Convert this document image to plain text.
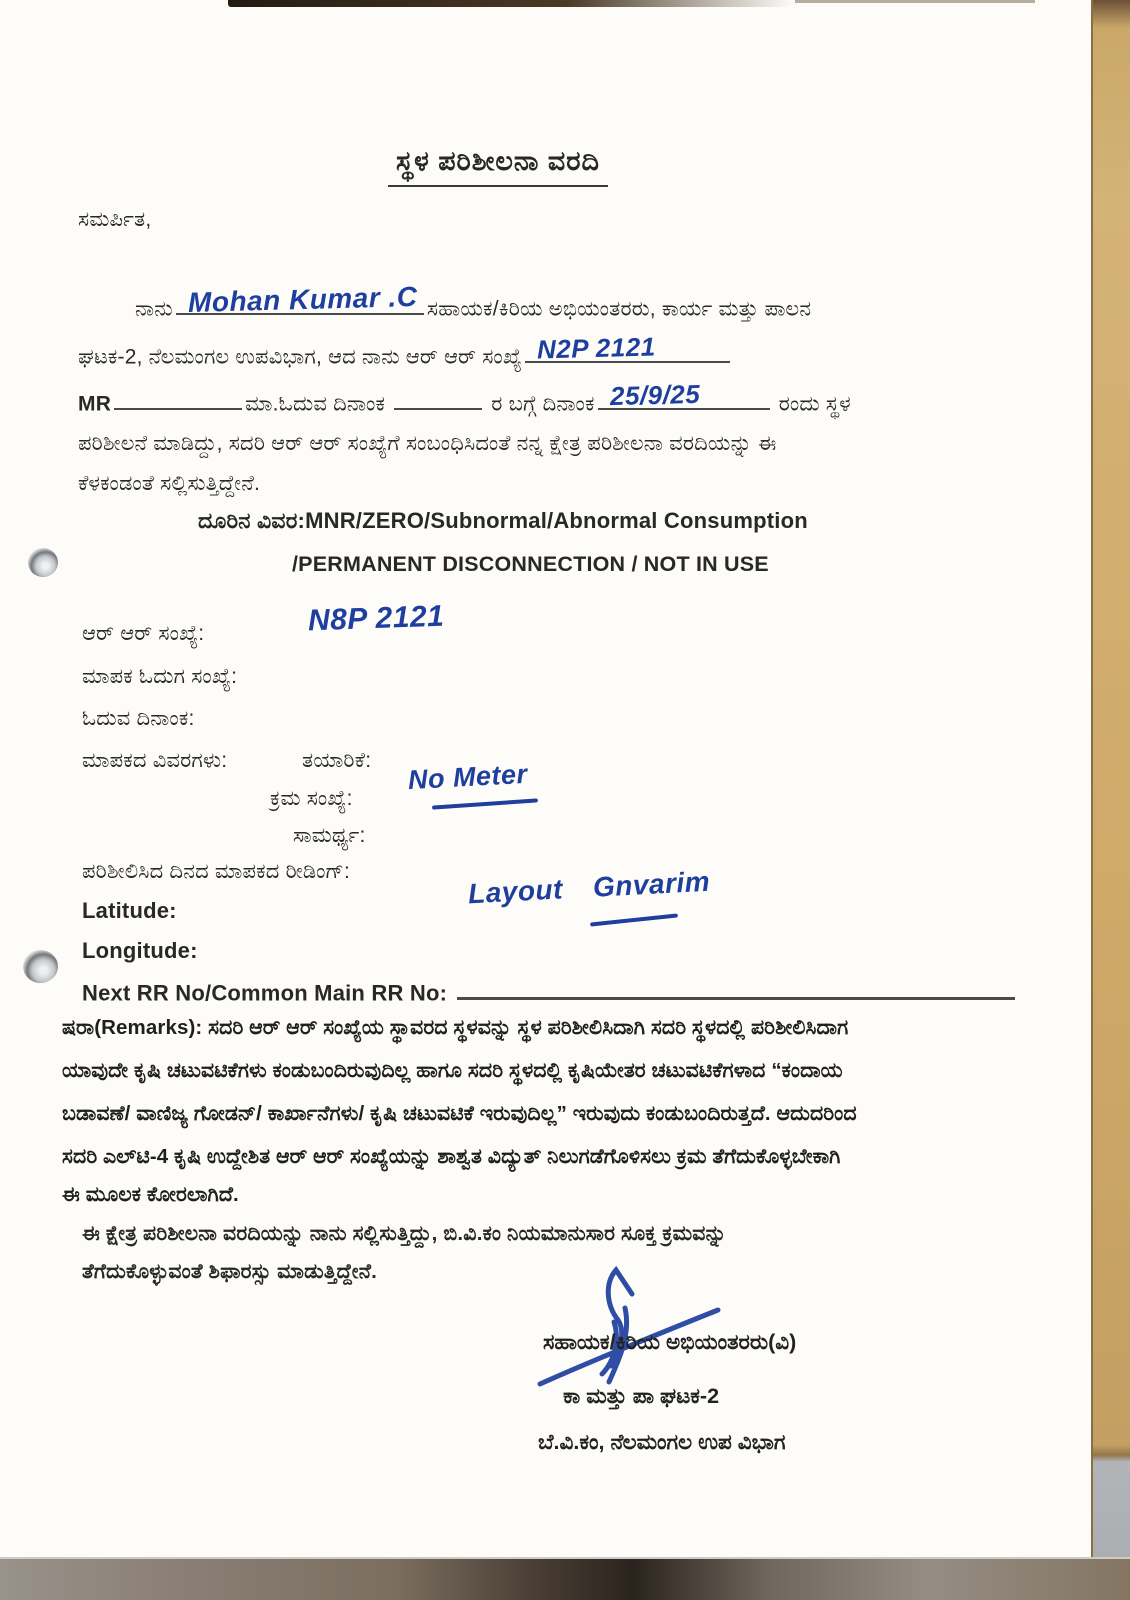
ಸ್ಥಳ ಪರಿಶೀಲನಾ ವರದಿ
ಸಮರ್ಪಿತ,
ನಾನು Mohan Kumar .C ಸಹಾಯಕ/ಕಿರಿಯ ಅಭಿಯಂತರರು, ಕಾರ್ಯ ಮತ್ತು ಪಾಲನ
ಘಟಕ-2, ನೆಲಮಂಗಲ ಉಪವಿಭಾಗ, ಆದ ನಾನು ಆರ್ ಆರ್ ಸಂಖ್ಯೆ N2P 2121
MR	ಮಾ.ಓದುವ ದಿನಾಂಕ	ರ ಬಗ್ಗೆ ದಿನಾಂಕ 25/9/25	ರಂದು ಸ್ಥಳ
ಪರಿಶೀಲನೆ ಮಾಡಿದ್ದು, ಸದರಿ ಆರ್ ಆರ್ ಸಂಖ್ಯೆಗೆ ಸಂಬಂಧಿಸಿದಂತೆ ನನ್ನ ಕ್ಷೇತ್ರ ಪರಿಶೀಲನಾ ವರದಿಯನ್ನು ಈ
ಕೆಳಕಂಡಂತೆ ಸಲ್ಲಿಸುತ್ತಿದ್ದೇನೆ.
ದೂರಿನ ವಿವರ:MNR/ZERO/Subnormal/Abnormal Consumption
/PERMANENT DISCONNECTION / NOT IN USE
ಆರ್ ಆರ್ ಸಂಖ್ಯೆ:	N8P 2121
ಮಾಪಕ ಓದುಗ ಸಂಖ್ಯೆ:
ಓದುವ ದಿನಾಂಕ:
ಮಾಪಕದ ವಿವರಗಳು:	ತಯಾರಿಕೆ:
ಕ್ರಮ ಸಂಖ್ಯೆ:
No Meter
ಸಾಮರ್ಥ್ಯ:
ಪರಿಶೀಲಿಸಿದ ದಿನದ ಮಾಪಕದ ರೀಡಿಂಗ್:
Latitude:
Layout Gnvarim
Longitude:
Next RR No/Common Main RR No:
ಷರಾ(Remarks): ಸದರಿ ಆರ್ ಆರ್ ಸಂಖ್ಯೆಯ ಸ್ಥಾವರದ ಸ್ಥಳವನ್ನು ಸ್ಥಳ ಪರಿಶೀಲಿಸಿದಾಗಿ ಸದರಿ ಸ್ಥಳದಲ್ಲಿ ಪರಿಶೀಲಿಸಿದಾಗ
ಯಾವುದೇ ಕೃಷಿ ಚಟುವಟಿಕೆಗಳು ಕಂಡುಬಂದಿರುವುದಿಲ್ಲ ಹಾಗೂ ಸದರಿ ಸ್ಥಳದಲ್ಲಿ ಕೃಷಿಯೇತರ ಚಟುವಟಿಕೆಗಳಾದ “ಕಂದಾಯ
ಬಡಾವಣೆ/ ವಾಣಿಜ್ಯ ಗೋಡನ್/ ಕಾರ್ಖಾನೆಗಳು/ ಕೃಷಿ ಚಟುವಟಿಕೆ ಇರುವುದಿಲ್ಲ” ಇರುವುದು ಕಂಡುಬಂದಿರುತ್ತದೆ. ಆದುದರಿಂದ
ಸದರಿ ಎಲ್‌ಟಿ-4 ಕೃಷಿ ಉದ್ದೇಶಿತ ಆರ್ ಆರ್ ಸಂಖ್ಯೆಯನ್ನು ಶಾಶ್ವತ ವಿದ್ಯುತ್ ನಿಲುಗಡೆಗೊಳಿಸಲು ಕ್ರಮ ತೆಗೆದುಕೊಳ್ಳಬೇಕಾಗಿ
ಈ ಮೂಲಕ ಕೋರಲಾಗಿದೆ.
ಈ ಕ್ಷೇತ್ರ ಪರಿಶೀಲನಾ ವರದಿಯನ್ನು ನಾನು ಸಲ್ಲಿಸುತ್ತಿದ್ದು, ಬಿ.ವಿ.ಕಂ ನಿಯಮಾನುಸಾರ ಸೂಕ್ತ ಕ್ರಮವನ್ನು
ತೆಗೆದುಕೊಳ್ಳುವಂತೆ ಶಿಫಾರಸ್ಸು ಮಾಡುತ್ತಿದ್ದೇನೆ.
ಸಹಾಯಕ/ಕಿರಿಯ ಅಭಿಯಂತರರು(ವಿ)
ಕಾ ಮತ್ತು ಪಾ ಘಟಕ-2
ಬೆ.ವಿ.ಕಂ, ನೆಲಮಂಗಲ ಉಪ ವಿಭಾಗ
